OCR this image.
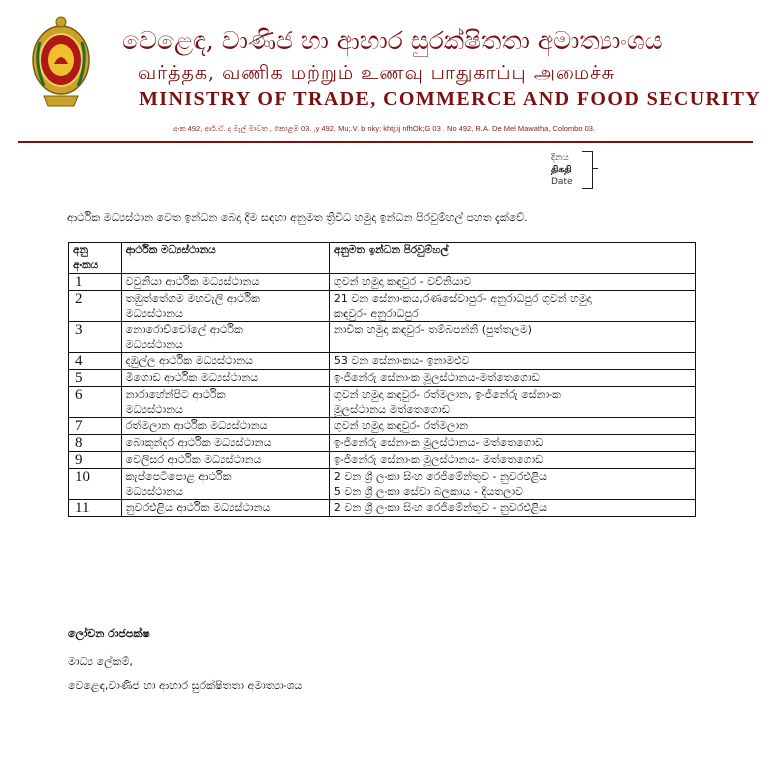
වෙළෙඳ, වාණිජ හා ආහාර සුරක්ෂිතතා අමාත්‍යාංශය
வர்த்தக, வணிக மற்றும் உணவு பாதுகாப்பு அமைச்சு
MINISTRY OF TRADE, COMMERCE AND FOOD SECURITY
අංක 492, ආර්.ඒ. ද මැල් මාවත , කොළඹ 03. ,y 492, Mu;.V. b nky; khtj;ij nfhOk;G 03 . No 492, R.A. De Mel Mawatha, Colombo 03.
දිනය
திகதி
Date
ආර්ථික මධ්‍යස්ථාන වෙත ඉන්ධන බෙදා දීම සඳහා අනුමත ත්‍රිවිධ හමුදා ඉන්ධන පිරවුම්හල් පහත දැක්වේ.
අනු අංකය	ආර්ථික මධ්‍යස්ථානය	අනුමත ඉන්ධන පිරවුම්හල්
1	වවුනියා ආර්ථික මධ්‍යස්ථානය	ගුවන් හමුදා කඳවුර - වව්නියාව

2	තඹුත්තේගම මහවැලි ආර්ථික
මධ්‍යස්ථානය	21 වන සේනාංකය,රණසේවාපුර- අනුරාධපුර ගුවන් හමුදා
කඳවුර- අනුරාධපුර

3	නොරොච්චෝලේ ආර්ථික
මධ්‍යස්ථානය	නාවික හමුදා කඳවුර- තම්බපන්නි (පුත්තලම)

4	දඹුල්ල ආර්ථික මධ්‍යස්ථානය	53 වන සේනාංකය- ඉනාමළුව

5	මීගොඩ ආර්ථික මධ්‍යස්ථානය	ඉංජිනේරු සේනාංක මූලස්ථානය-මත්තෙගොඩ

6	නාරාහේන්පිට ආර්ථික
මධ්‍යස්ථානය	ගුවන් හමුදා කඳවුර- රත්මලාන, ඉංජිනේරු සේනාංක
මූලස්ථානය මත්තෙගොඩ

7	රත්මලාන ආර්ථික මධ්‍යස්ථානය	ගුවන් හමුදා කඳවුර- රත්මලාන

8	බොකුන්දර ආර්ථික මධ්‍යස්ථානය	ඉංජිනේරු සේනාංක මූලස්ථානය- මත්තෙගොඩ

9	වෙලිසර ආර්ථික මධ්‍යස්ථානය	ඉංජිනේරු සේනාංක මූලස්ථානය- මත්තෙගොඩ

10	කැප්පෙටිපොළ ආර්ථික
මධ්‍යස්ථානය	2 වන ශ්‍රී ලංකා සිංහ රෙජිමේන්තුව - නුවරඑළිය
5 වන ශ්‍රී ලංකා සේවා බලකාය - දියතලාව

11	නුවරඑළිය ආර්ථික මධ්‍යස්ථානය	2 වන ශ්‍රී ලංකා සිංහ රෙජිමේන්තුව - නුවරඑළිය
ලෝචන රාජපක්ෂ
මාධ්‍ය ලේකම්,
වෙළෙඳ,වාණිජ හා ආහාර සුරක්ෂිතතා අමාත්‍යාංශය
